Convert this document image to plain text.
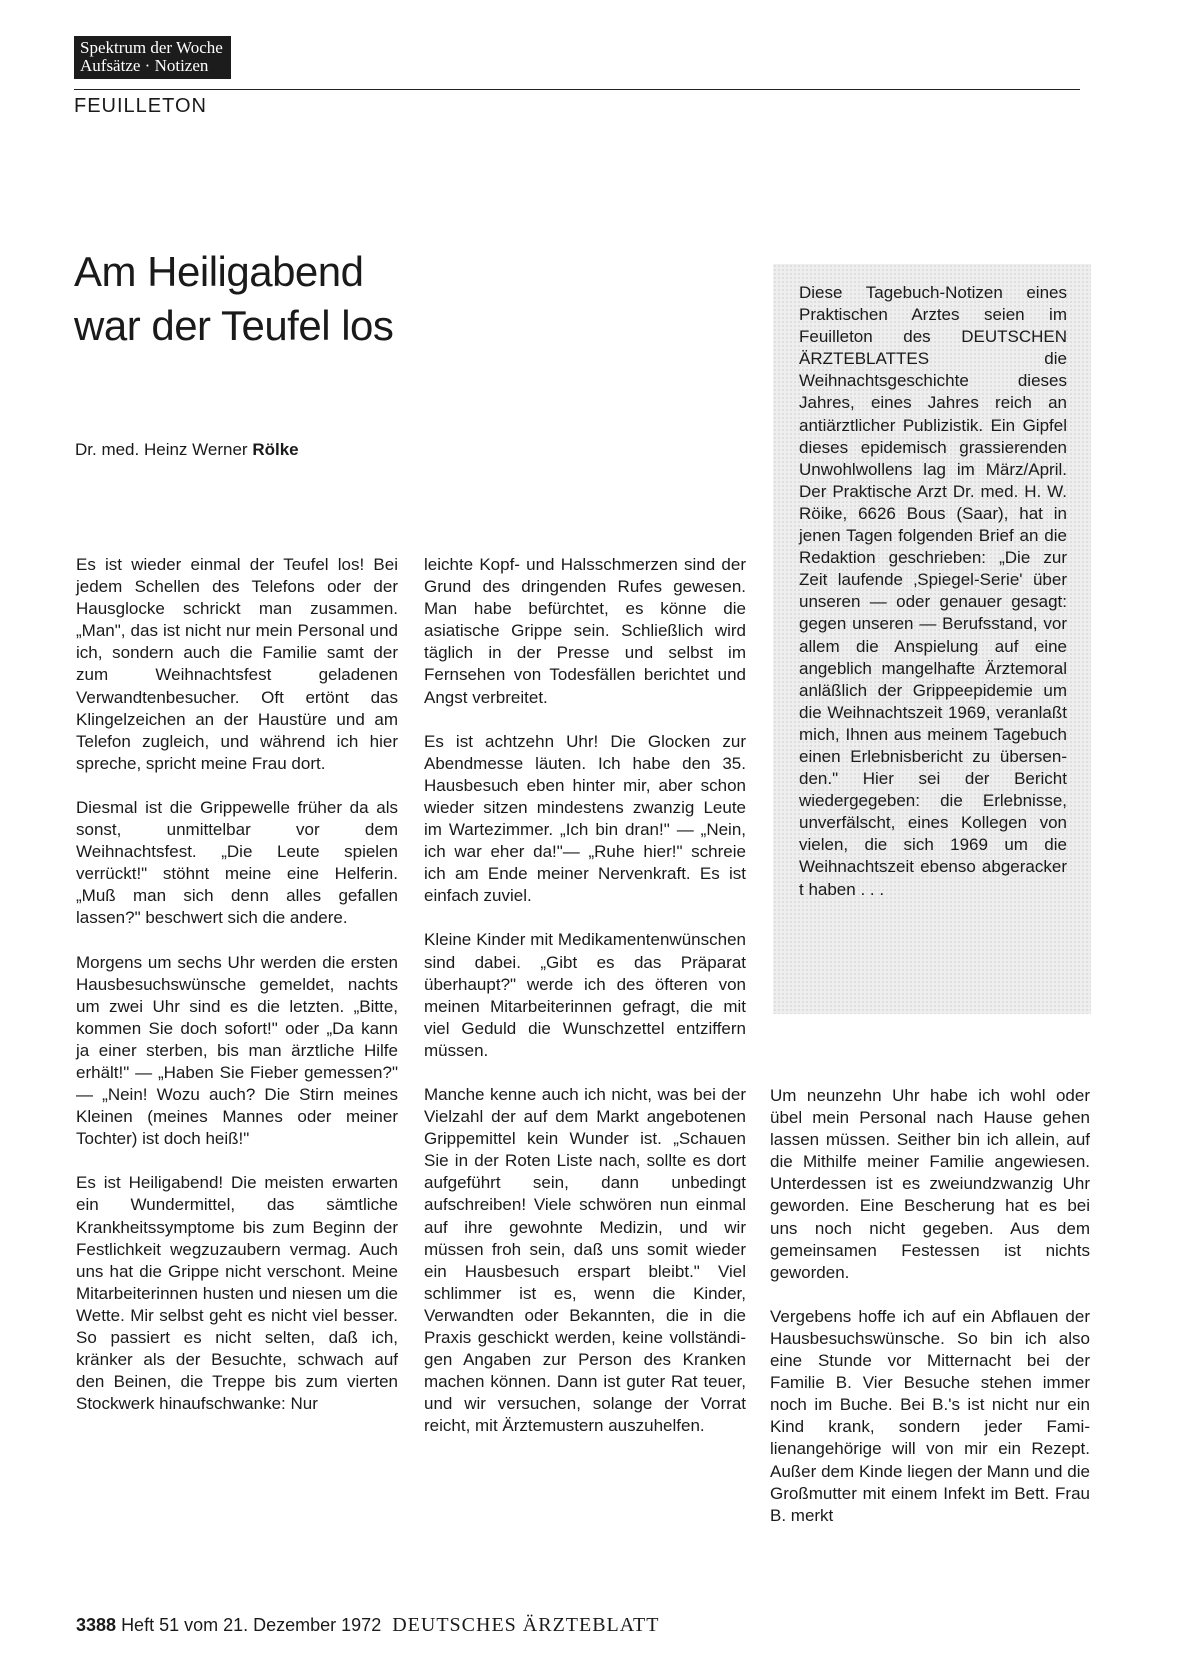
Spektrum der Woche
Aufsätze · Notizen
FEUILLETON
Am Heiligabend
war der Teufel los
Dr. med. Heinz Werner Rölke

Diese Tagebuch-Notizen eines Praktischen Arztes seien im Feuilleton des DEUTSCHEN ÄRZTEBLATTES die Weihnachtsgeschichte dieses Jahres, eines Jahres reich an antiärztlicher Publizistik. Ein Gipfel dieses epidemisch grassierenden Unwohlwollens lag im März/April. Der Praktische Arzt Dr. med. H. W. Röike, 6626 Bous (Saar), hat in jenen Tagen folgenden Brief an die Redaktion geschrieben: „Die zur Zeit laufende ‚Spiegel-Serie' über unseren — oder genauer gesagt: gegen unseren — Berufsstand, vor allem die Anspielung auf eine angeblich mangelhafte Ärztemoral anläßlich der Grippeepidemie um die Weihnachtszeit 1969, veranlaßt mich, Ihnen aus meinem Tagebuch einen Erlebnisbericht zu übersenden." Hier sei der Bericht wiedergegeben: die Erlebnisse, unverfälscht, eines Kollegen von vielen, die sich 1969 um die Weihnachtszeit ebenso abgeracker t haben . . .

Es ist wieder einmal der Teufel los! Bei jedem Schellen des Telefons oder der Hausglocke schrickt man zusammen. „Man", das ist nicht nur mein Personal und ich, sondern auch die Familie samt der zum Weihnachtsfest geladenen Verwandtenbesucher. Oft ertönt das Klingelzeichen an der Haustüre und am Telefon zugleich, und während ich hier spreche, spricht meine Frau dort.

Diesmal ist die Grippewelle früher da als sonst, unmittelbar vor dem Weihnachtsfest. „Die Leute spielen verrückt!" stöhnt meine eine Helferin. „Muß man sich denn alles gefallen lassen?" beschwert sich die andere.

Morgens um sechs Uhr werden die ersten Hausbesuchswünsche gemeldet, nachts um zwei Uhr sind es die letzten. „Bitte, kommen Sie doch sofort!" oder „Da kann ja einer sterben, bis man ärztliche Hilfe erhält!" — „Haben Sie Fieber gemessen?" — „Nein! Wozu auch? Die Stirn meines Kleinen (meines Mannes oder meiner Tochter) ist doch heiß!"

Es ist Heiligabend! Die meisten erwarten ein Wundermittel, das sämtliche Krankheitssymptome bis zum Beginn der Festlichkeit wegzuzaubern vermag. Auch uns hat die Grippe nicht verschont. Meine Mitarbeiterinnen husten und niesen um die Wette. Mir selbst geht es nicht viel besser. So passiert es nicht selten, daß ich, kränker als der Besuchte, schwach auf den Beinen, die Treppe bis zum vierten Stockwerk hinaufschwanke: Nur

leichte Kopf- und Halsschmerzen sind der Grund des dringenden Rufes gewesen. Man habe befürchtet, es könne die asiatische Grippe sein. Schließlich wird täglich in der Presse und selbst im Fernsehen von Todesfällen berichtet und Angst verbreitet.

Es ist achtzehn Uhr! Die Glocken zur Abendmesse läuten. Ich habe den 35. Hausbesuch eben hinter mir, aber schon wieder sitzen mindestens zwanzig Leute im Wartezimmer. „Ich bin dran!" — „Nein, ich war eher da!"— „Ruhe hier!" schreie ich am Ende meiner Nervenkraft. Es ist einfach zuviel.

Kleine Kinder mit Medikamentenwünschen sind dabei. „Gibt es das Präparat überhaupt?" werde ich des öfteren von meinen Mitarbeiterinnen gefragt, die mit viel Geduld die Wunschzettel entziffern müssen.

Manche kenne auch ich nicht, was bei der Vielzahl der auf dem Markt angebotenen Grippemittel kein Wunder ist. „Schauen Sie in der Roten Liste nach, sollte es dort aufgeführt sein, dann unbedingt aufschreiben! Viele schwören nun einmal auf ihre gewohnte Medizin, und wir müssen froh sein, daß uns somit wieder ein Hausbesuch erspart bleibt." Viel schlimmer ist es, wenn die Kinder, Verwandten oder Bekannten, die in die Praxis geschickt werden, keine vollständigen Angaben zur Person des Kranken machen können. Dann ist guter Rat teuer, und wir versuchen, solange der Vorrat reicht, mit Ärztemustern auszuhelfen.

Um neunzehn Uhr habe ich wohl oder übel mein Personal nach Hause gehen lassen müssen. Seither bin ich allein, auf die Mithilfe meiner Familie angewiesen. Unterdessen ist es zweiundzwanzig Uhr geworden. Eine Bescherung hat es bei uns noch nicht gegeben. Aus dem gemeinsamen Festessen ist nichts geworden.

Vergebens hoffe ich auf ein Abflauen der Hausbesuchswünsche. So bin ich also eine Stunde vor Mitternacht bei der Familie B. Vier Besuche stehen immer noch im Buche. Bei B.'s ist nicht nur ein Kind krank, sondern jeder Familienangehörige will von mir ein Rezept. Außer dem Kinde liegen der Mann und die Großmutter mit einem Infekt im Bett. Frau B. merkt

3388 Heft 51 vom 21. Dezember 1972 DEUTSCHES ÄRZTEBLATT
